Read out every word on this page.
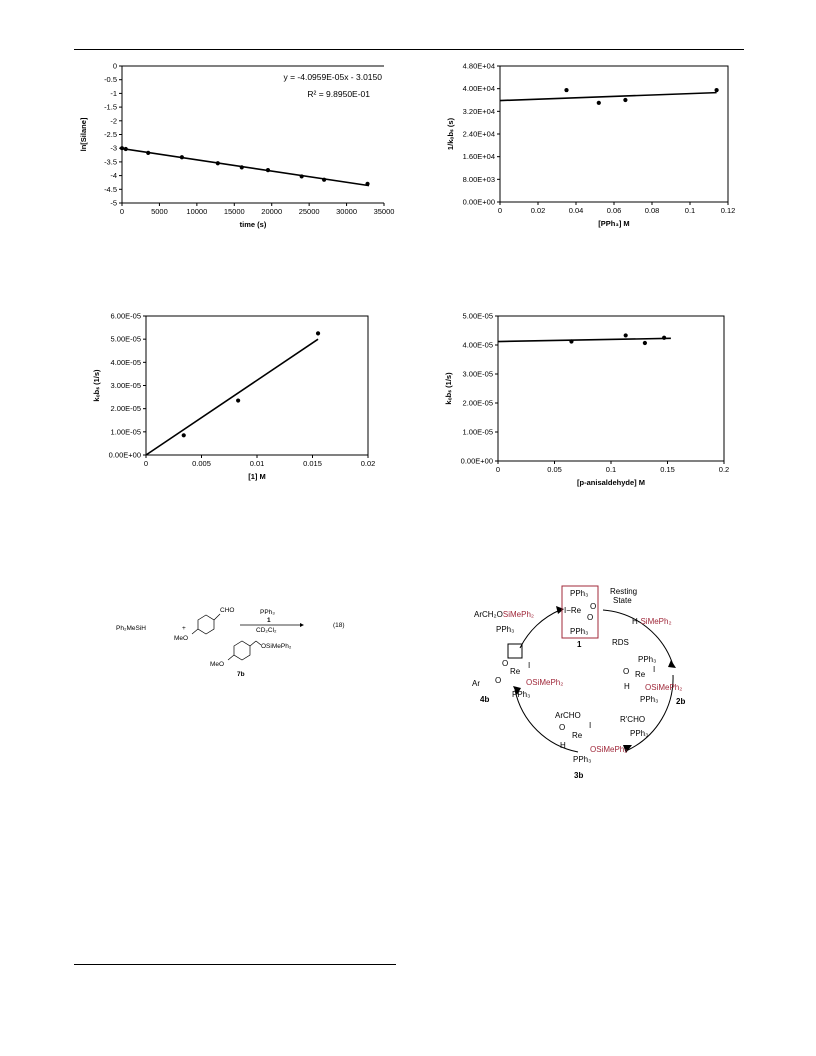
0	5000 10000 15000 20000 25000 30000 35000
0
-0.5
-1
-1.5
-2
-2.5
-3
-3.5
-4
-4.5
-5
time (s)
ln[Silane]
y = -4.0959E-05x - 3.0150
R² = 9.8950E-01
0	0.02	0.04	0.06	0.08	0.1	0.12
0.00E+00
8.00E+03
1.60E+04
2.40E+04
3.20E+04
4.00E+04
4.80E+04
[PPh₃] M
1/kₒbₛ (s)
0	0.005	0.01	0.015	0.02
0.00E+00
1.00E-05
2.00E-05
3.00E-05
4.00E-05
5.00E-05
6.00E-05
[1] M
kₒbₛ (1/s)
0	0.05	0.1	0.15	0.2
0.00E+00
1.00E-05
2.00E-05
3.00E-05
4.00E-05
5.00E-05
[p-anisaldehyde] M
kₒbₛ (1/s)
Ph₂MeSiH	+
CHO
MeO
PPh₃
1
CD₂Cl₂
(18)
OSiMePh₂
MeO
7b
PPh₃
I−Re O
O
PPh₃
1
Resting
State
H-SiMePh₂
RDS
PPh₃
O Re
I
H OSiMePh₂
PPh₃ 2b
R'CHO
PPh₃
ArCHO
O
Re
I
H	OSiMePh₂
PPh₃
3b
O
Re
I
Ar O	OSiMePh₂
PPh₃
4b
ArCH₂OSiMePh₂
PPh₃
